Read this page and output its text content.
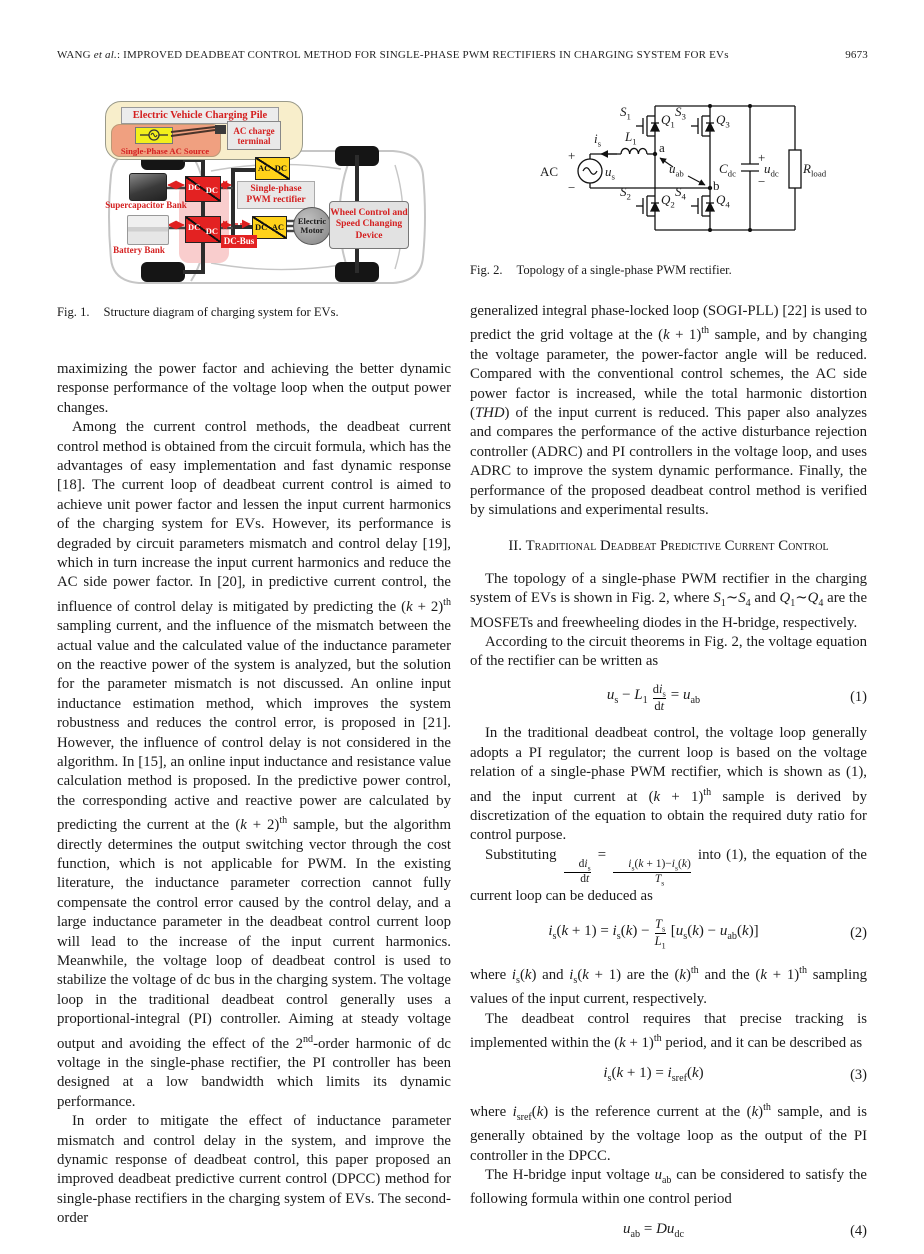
WANG et al.: IMPROVED DEADBEAT CONTROL METHOD FOR SINGLE-PHASE PWM RECTIFIERS IN CHARGING SYSTEM FOR EVs	9673
Electric Vehicle Charging Pile
Single-Phase AC Source
AC charge terminal
AC DC
Single-phase PWM rectifier
DC DC
DC DC	DC AC
DC-Bus
Supercapacitor Bank
Battery Bank
Electric Motor
Wheel Control and Speed Changing Device

Fig. 1. Structure diagram of charging system for EVs.

maximizing the power factor and achieving the better dynamic response performance of the voltage loop when the output power changes.

Among the current control methods, the deadbeat current control method is obtained from the circuit formula, which has the advantages of easy implementation and fast dynamic response [18]. The current loop of deadbeat current control is aimed to achieve unit power factor and lessen the input current harmonics of the charging system for EVs. However, its performance is degraded by circuit parameters mismatch and control delay [19], which in turn increase the input current harmonics and reduce the AC side power factor. In [20], in predictive current control, the influence of control delay is mitigated by predicting the $(k + 2)^{th}$ sampling current, and the influence of the mismatch between the actual value and the calculated value of the inductance parameter on the reactive power of the system is analyzed, but the solution for the parameter mismatch is not discussed. An online input inductance estimation method, which improves the system robustness and reduces the control error, is proposed in [21]. However, the influence of control delay is not considered in the algorithm. In [15], an online input inductance and resistance value calculation method is proposed. In the predictive power control, the corresponding active and reactive power are calculated by predicting the current at the $(k + 2)^{th}$ sample, but the algorithm directly determines the output switching vector through the cost function, which is not applicable for PWM. In the existing literature, the inductance parameter correction cannot fully compensate the control error caused by the control delay, and a large inductance parameter in the deadbeat control current loop will lead to the increase of the input current harmonics. Meanwhile, the voltage loop of deadbeat control is used to stabilize the voltage of dc bus in the charging system. The voltage loop in the traditional deadbeat control generally uses a proportional-integral (PI) controller. Aiming at steady voltage output and avoiding the effect of the 2nd-order harmonic of dc voltage in the single-phase rectifier, the PI controller has been designed at a low bandwidth which limits its dynamic performance.

In order to mitigate the effect of inductance parameter mismatch and control delay in the system, and improve the dynamic response of deadbeat control, this paper proposed an improved deadbeat predictive current control (DPCC) method for single-phase rectifiers in the charging system of EVs. The second-order

$S_1$ $Q_1$
$S_3$ $Q_3$
$S_2$ $Q_2$
$S_4$ $Q_4$
$i_s$ $L_1$ a
$u_{ab}$
b
AC
+
$u_s$
−
$C_{dc}$
+
$u_{dc}$
−
$R_{load}$

Fig. 2. Topology of a single-phase PWM rectifier.

generalized integral phase-locked loop (SOGI-PLL) [22] is used to predict the grid voltage at the $(k + 1)^{th}$ sample, and by changing the voltage parameter, the power-factor angle will be reduced. Compared with the conventional control schemes, the AC side power factor is increased, while the total harmonic distortion (THD) of the input current is reduced. This paper also analyzes and compares the performance of the active disturbance rejection controller (ADRC) and PI controllers in the voltage loop, and uses ADRC to improve the system dynamic performance. Finally, the performance of the proposed deadbeat control method is verified by simulations and experimental results.

II. Traditional Deadbeat Predictive Current Control

The topology of a single-phase PWM rectifier in the charging system of EVs is shown in Fig. 2, where $S_1\sim S_4$ and $Q_1\sim Q_4$ are the MOSFETs and freewheeling diodes in the H-bridge, respectively.

According to the circuit theorems in Fig. 2, the voltage equation of the rectifier can be written as

$u_s - L_1$
$di_s$
dt
= $u_{ab}$	(1)

In the traditional deadbeat control, the voltage loop generally adopts a PI regulator; the current loop is based on the voltage relation of a single-phase PWM rectifier, which is shown as (1), and the input current at $(k + 1)^{th}$ sample is derived by discretization of the equation to obtain the required duty ratio for control purpose.

Substituting
$di_s$
dt
=
$\frac{i_s(k + 1)-i_s(k)}{T_s}$
into (1), the equation of the current loop can be deduced as

$i_s(k + 1) = i_s(k) - \frac{T_s}{L_1} [u_s(k) - u_{ab}(k)]$	(2)

where $i_s(k)$ and $i_s(k + 1)$ are the $(k)^{th}$ and the $(k + 1)^{th}$ sampling values of the input current, respectively.

The deadbeat control requires that precise tracking is implemented within the $(k + 1)^{th}$ period, and it can be described as

$i_s(k + 1) = i_{sref}(k)$	(3)

where $i_{sref}(k)$ is the reference current at the $(k)^{th}$ sample, and is generally obtained by the voltage loop as the output of the PI controller in the DPCC.

The H-bridge input voltage $u_{ab}$ can be considered to satisfy the following formula within one control period

$u_{ab} = Du_{dc}$	(4)
